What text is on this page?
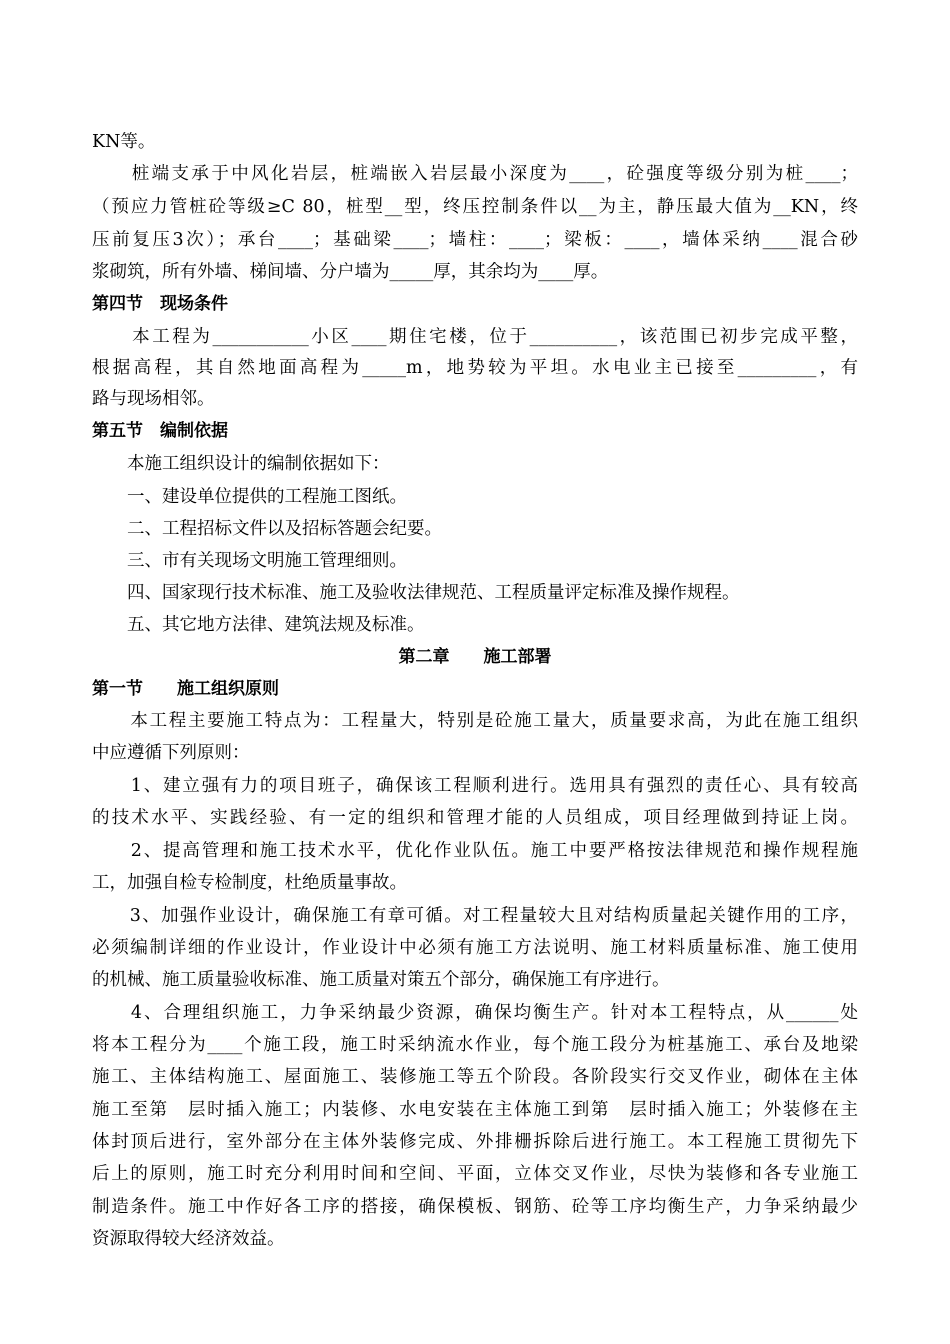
KN等。
　　桩端支承于中风化岩层，桩端嵌入岩层最小深度为____，砼强度等级分别为桩____；
（预应力管桩砼等级≥C 80，桩型__型，终压控制条件以__为主，静压最大值为__KN，终
压前复压3次）；承台____；基础梁____；墙柱：____；梁板：____，墙体采纳____混合砂
浆砌筑，所有外墙、梯间墙、分户墙为_____厚，其余均为____厚。
第四节　现场条件
　　本工程为___________小区____期住宅楼，位于__________，该范围已初步完成平整，
根据高程，其自然地面高程为_____m，地势较为平坦。水电业主已接至_________，有
路与现场相邻。
第五节　编制依据
　　本施工组织设计的编制依据如下：
　　一、建设单位提供的工程施工图纸。
　　二、工程招标文件以及招标答题会纪要。
　　三、市有关现场文明施工管理细则。
　　四、国家现行技术标准、施工及验收法律规范、工程质量评定标准及操作规程。
　　五、其它地方法律、建筑法规及标准。
第二章　　施工部署
第一节　　施工组织原则
　　本工程主要施工特点为：工程量大，特别是砼施工量大，质量要求高，为此在施工组织
中应遵循下列原则：
　　1、建立强有力的项目班子，确保该工程顺利进行。选用具有强烈的责任心、具有较高
的技术水平、实践经验、有一定的组织和管理才能的人员组成，项目经理做到持证上岗。
　　2、提高管理和施工技术水平，优化作业队伍。施工中要严格按法律规范和操作规程施
工，加强自检专检制度，杜绝质量事故。
　　3、加强作业设计，确保施工有章可循。对工程量较大且对结构质量起关键作用的工序，
必须编制详细的作业设计，作业设计中必须有施工方法说明、施工材料质量标准、施工使用
的机械、施工质量验收标准、施工质量对策五个部分，确保施工有序进行。
　　4、合理组织施工，力争采纳最少资源，确保均衡生产。针对本工程特点，从______处
将本工程分为____个施工段，施工时采纳流水作业，每个施工段分为桩基施工、承台及地梁
施工、主体结构施工、屋面施工、装修施工等五个阶段。各阶段实行交叉作业，砌体在主体
施工至第　层时插入施工；内装修、水电安装在主体施工到第　层时插入施工；外装修在主
体封顶后进行，室外部分在主体外装修完成、外排栅拆除后进行施工。本工程施工贯彻先下
后上的原则，施工时充分利用时间和空间、平面，立体交叉作业，尽快为装修和各专业施工
制造条件。施工中作好各工序的搭接，确保模板、钢筋、砼等工序均衡生产，力争采纳最少
资源取得较大经济效益。
